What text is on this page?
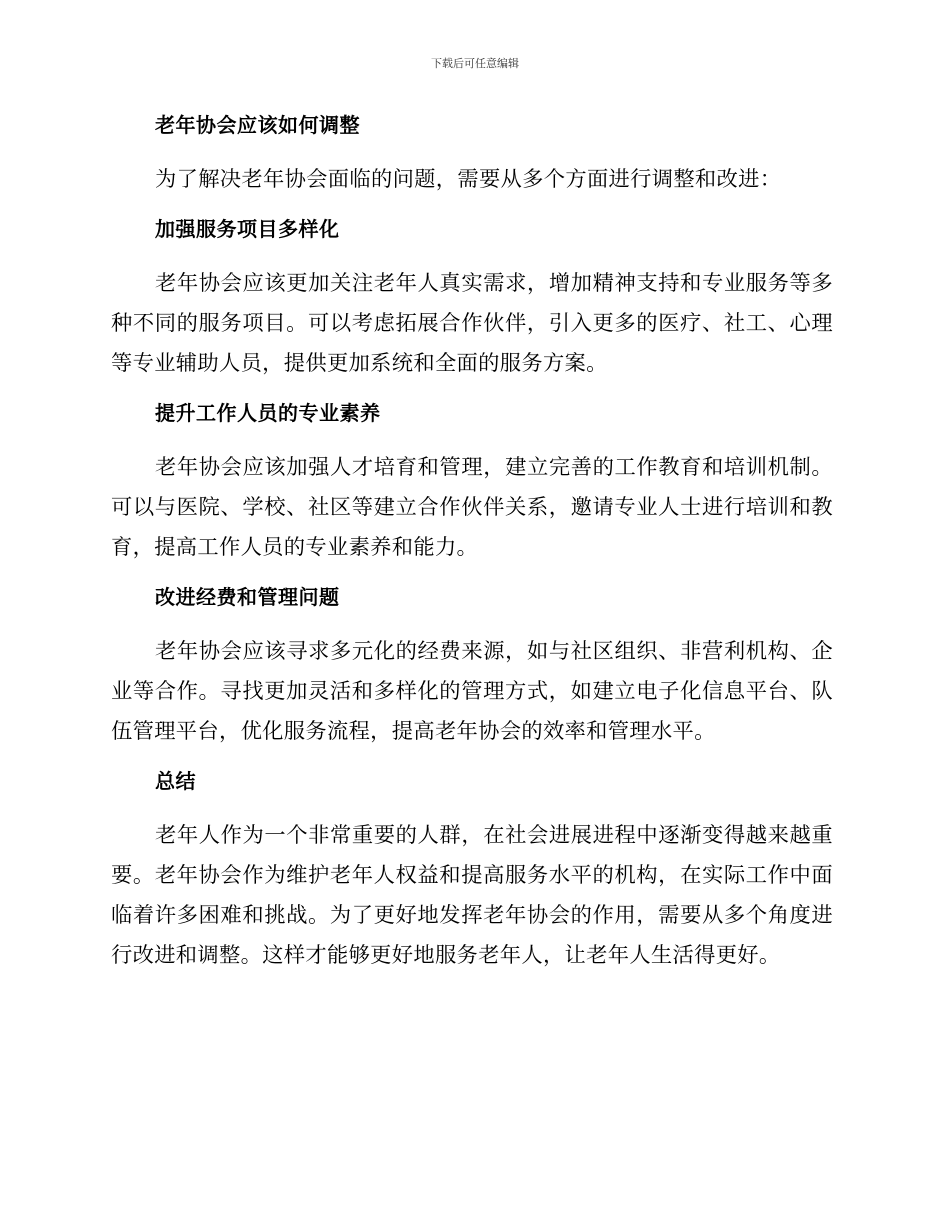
下载后可任意编辑
老年协会应该如何调整

为了解决老年协会面临的问题，需要从多个方面进行调整和改进：

加强服务项目多样化

老年协会应该更加关注老年人真实需求，增加精神支持和专业服务等多种不同的服务项目。可以考虑拓展合作伙伴，引入更多的医疗、社工、心理等专业辅助人员，提供更加系统和全面的服务方案。

提升工作人员的专业素养

老年协会应该加强人才培育和管理，建立完善的工作教育和培训机制。可以与医院、学校、社区等建立合作伙伴关系，邀请专业人士进行培训和教育，提高工作人员的专业素养和能力。

改进经费和管理问题

老年协会应该寻求多元化的经费来源，如与社区组织、非营利机构、企业等合作。寻找更加灵活和多样化的管理方式，如建立电子化信息平台、队伍管理平台，优化服务流程，提高老年协会的效率和管理水平。

总结

老年人作为一个非常重要的人群，在社会进展进程中逐渐变得越来越重要。老年协会作为维护老年人权益和提高服务水平的机构，在实际工作中面临着许多困难和挑战。为了更好地发挥老年协会的作用，需要从多个角度进行改进和调整。这样才能够更好地服务老年人，让老年人生活得更好。
